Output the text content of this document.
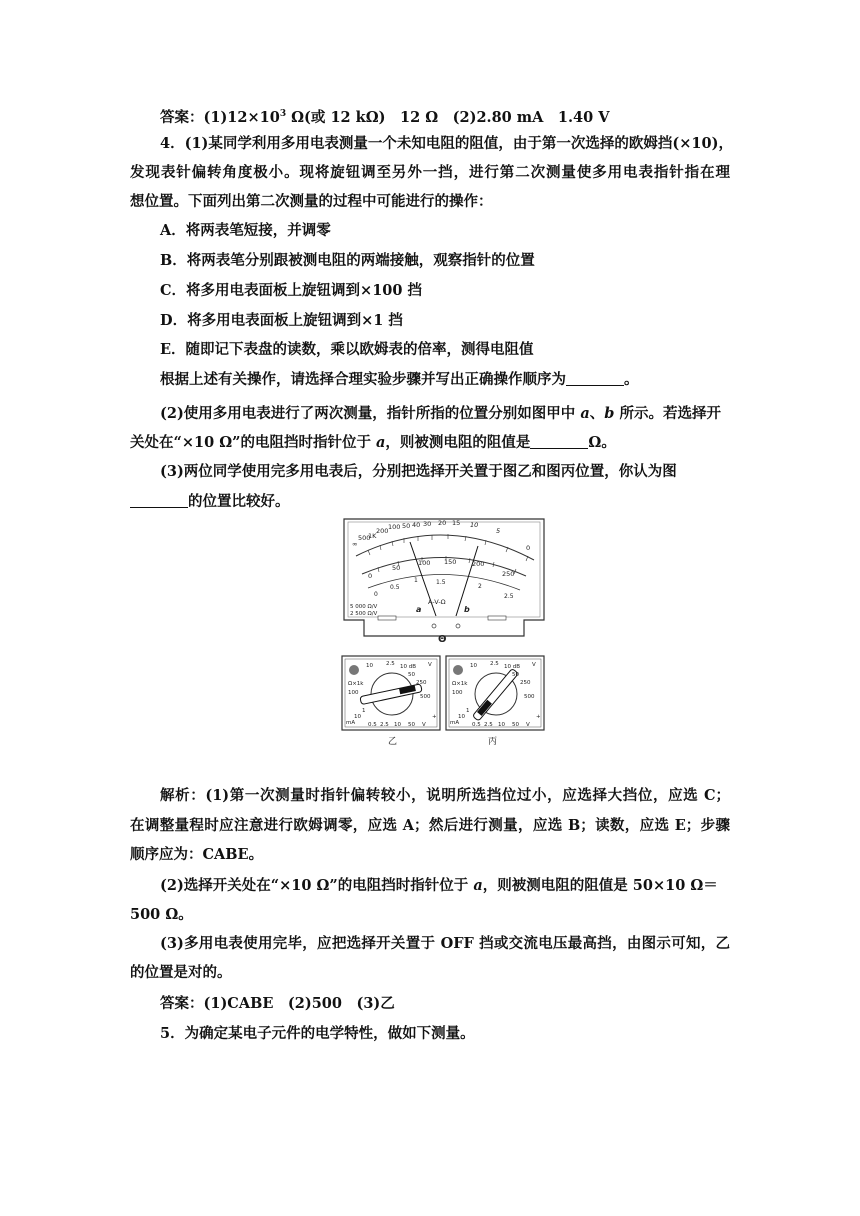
答案：$(1)12\times 10^3$ Ω(或 12 kΩ)　12 Ω　(2)2.80 mA　1.40 V
4．(1)某同学利用多用电表测量一个未知电阻的阻值，由于第一次选择的欧姆挡(×10)，
发现表针偏转角度极小。现将旋钮调至另外一挡，进行第二次测量使多用电表指针指在理
想位置。下面列出第二次测量的过程中可能进行的操作：
A．将两表笔短接，并调零
B．将两表笔分别跟被测电阻的两端接触，观察指针的位置
C．将多用电表面板上旋钮调到×100 挡
D．将多用电表面板上旋钮调到×1 挡
E．随即记下表盘的读数，乘以欧姆表的倍率，测得电阻值
根据上述有关操作，请选择合理实验步骤并写出正确操作顺序为	。
(2)使用多用电表进行了两次测量，指针所指的位置分别如图甲中 a、b 所示。若选择开
关处在“×10 Ω”的电阻挡时指针位于 a，则被测电阻的阻值是	Ω。
(3)两位同学使用完多用电表后，分别把选择开关置于图乙和图丙位置，你认为图
的位置比较好。
∞
500
1K
200 100 50 40 30 20 15 10
5
0
0
50
100 150 200
250
0
0.5
1	1.5
2
2.5
a	b
A-V-Ω
5 000 Ω/V
2 500 Ω/V
Θ
10 2.5 10 dB V
Ω×1k
50
100
250
500
1
10
0.5 2.5 10 50 V
mA
+
乙
10 2.5 10 dB V
Ω×1k
50
100
250
500
1
10
0.5 2.5 10 50 V
mA
+
丙
解析：(1)第一次测量时指针偏转较小，说明所选挡位过小，应选择大挡位，应选 C；
在调整量程时应注意进行欧姆调零，应选 A；然后进行测量，应选 B；读数，应选 E；步骤
顺序应为：CABE。
(2)选择开关处在“×10 Ω”的电阻挡时指针位于 a，则被测电阻的阻值是 50×10 Ω＝
500 Ω。
(3)多用电表使用完毕，应把选择开关置于 OFF 挡或交流电压最高挡，由图示可知，乙
的位置是对的。
答案：(1)CABE　(2)500　(3)乙
5．为确定某电子元件的电学特性，做如下测量。
